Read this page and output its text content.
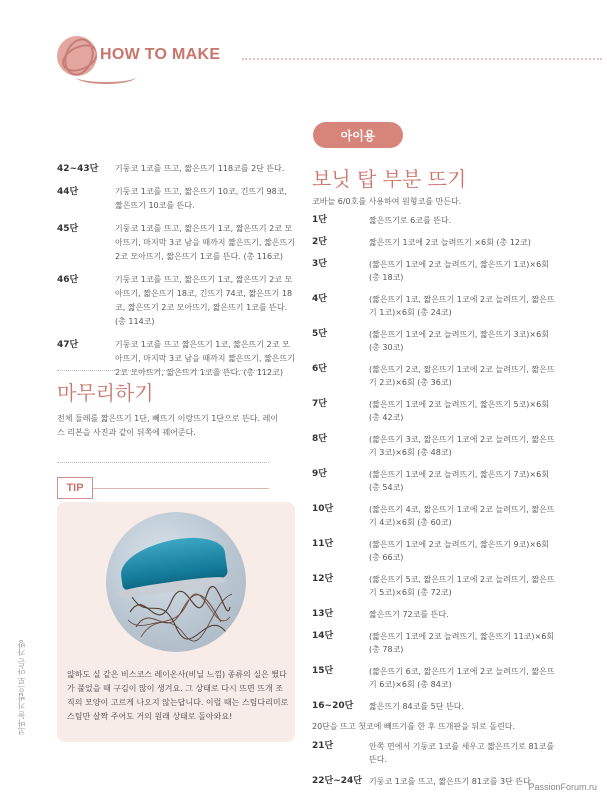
HOW TO MAKE
코바늘 기법으로 만든 가방
42~43단	기둥코 1코를 뜨고, 짧은뜨기 118코를 2단 뜬다.
44단	기둥코 1코를 뜨고, 짧은뜨기 10코, 긴뜨기 98코, 짧은뜨기 10코를 뜬다.
45단	기둥코 1코를 뜨고, 짧은뜨기 1코, 짧은뜨기 2코 모아뜨기, 마지막 3코 남을 때까지 짧은뜨기, 짧은뜨기 2코 모아뜨기, 짧은뜨기 1코를 뜬다. (총 116코)
46단	기둥코 1코를 뜨고, 짧은뜨기 1코, 짧은뜨기 2코 모아뜨기, 짧은뜨기 18코, 긴뜨기 74코, 짧은뜨기 18코, 짧은뜨기 2코 모아뜨기, 짧은뜨기 1코를 뜬다. (총 114코)
47단	기둥코 1코를 뜨고 짧은뜨기 1코, 짧은뜨기 2코 모아뜨기, 마지막 3코 남을 때까지 짧은뜨기, 짧은뜨기 2코 모아뜨기, 짧은뜨기 1코를 뜬다. (총 112코)
마무리하기
전체 둘레를 짧은뜨기 1단, 빼뜨기 이랑뜨기 1단으로 뜬다. 레이스 리본을 사진과 같이 뒤쪽에 꿰어준다.
TIP
얇하도 실 같은 비스코스 레이온사(비닐 느낌) 종류의 실은 뜄다가 풀었을 때 구김이 많이 생겨요. 그 상태로 다시 뜨면 뜨개 조직의 모양이 고르게 나오지 않는답니다. 이럴 때는 스팀다리미로 스팀만 살짝 주어도 거의 원래 상태로 돌아와요!
아이용
보닛 탑 부분 뜨기
코바늘 6/0호를 사용하여 원형코를 만든다.
1단	짧은뜨기로 6코를 뜬다.
2단	짧은뜨기 1코에 2코 늘려뜨기 ×6회 (총 12코)
3단	(짧은뜨기 1코에 2코 늘려뜨기, 짧은뜨기 1코)×6회 (총 18코)
4단	(짧은뜨기 1코, 짧은뜨기 1코에 2코 늘려뜨기, 짧은뜨기 1코)×6회 (총 24코)
5단	(짧은뜨기 1코에 2코 늘려뜨기, 짧은뜨기 3코)×6회 (총 30코)
6단	(짧은뜨기 2코, 짧은뜨기 1코에 2코 늘려뜨기, 짧은뜨기 2코)×6회 (총 36코)
7단	(짧은뜨기 1코에 2코 늘려뜨기, 짧은뜨기 5코)×6회 (총 42코)
8단	(짧은뜨기 3코, 짧은뜨기 1코에 2코 늘려뜨기, 짧은뜨기 3코)×6회 (총 48코)
9단	(짧은뜨기 1코에 2코 늘려뜨기, 짧은뜨기 7코)×6회 (총 54코)
10단	(짧은뜨기 4코, 짧은뜨기 1코에 2코 늘려뜨기, 짧은뜨기 4코)×6회 (총 60코)
11단	(짧은뜨기 1코에 2코 늘려뜨기, 짧은뜨기 9코)×6회 (총 66코)
12단	(짧은뜨기 5코, 짧은뜨기 1코에 2코 늘려뜨기, 짧은뜨기 5코)×6회 (총 72코)
13단	짧은뜨기 72코를 뜬다.
14단	(짧은뜨기 1코에 2코 늘려뜨기, 짧은뜨기 11코)×6회 (총 78코)
15단	(짧은뜨기 6코, 짧은뜨기 1코에 2코 늘려뜨기, 짧은뜨기 6코)×6회 (총 84코)
16~20단	짧은뜨기 84코를 5단 뜬다.
20단을 뜨고 첫코에 빼뜨기를 한 후 뜨개판을 뒤로 돌린다.
21단	안쪽 면에서 기둥코 1코를 세우고 짧은뜨기로 81코를 뜬다.
22단~24단 기둥코 1코를 뜨고, 짧은뜨기 81코를 3단 뜬다.
PassionForum.ru
